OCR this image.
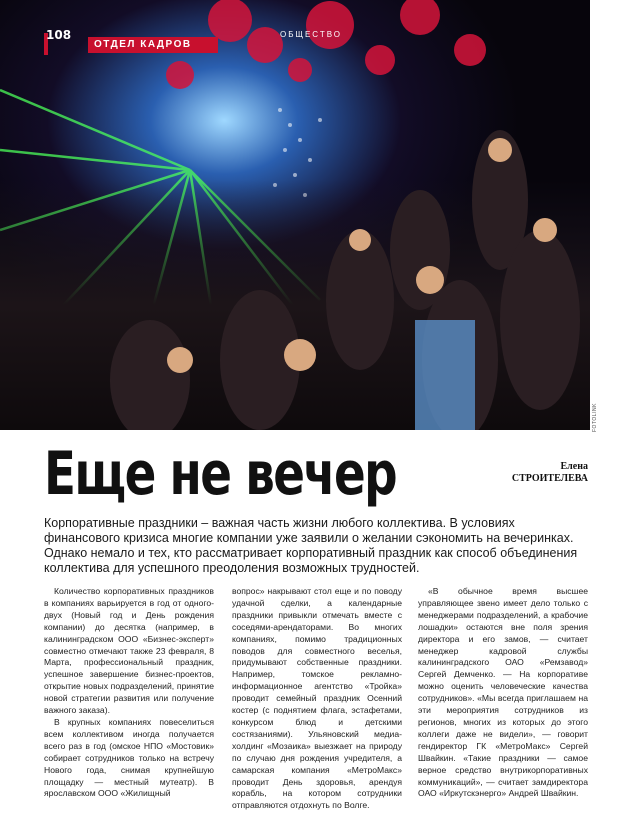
FOTOLINK
108
ОТДЕЛ КАДРОВ
ОБЩЕСТВО
Еще не вечер	Елена
СТРОИТЕЛЕВА
Корпоративные праздники – важная часть жизни любого коллектива. В условиях финансового кризиса многие компании уже заявили о желании сэкономить на вечеринках. Однако немало и тех, кто рассматривает корпоративный праздник как способ объединения коллектива для успешного преодоления возможных трудностей.

Количество корпоративных праздников в компаниях варьируется в год от одного-двух (Новый год и День рождения компании) до десятка (например, в калининградском ООО «Бизнес-эксперт» совместно отмечают также 23 февраля, 8 Марта, профессиональный праздник, успешное завершение бизнес-проектов, открытие новых подразделений, принятие новой стратегии развития или получение важного заказа).

В крупных компаниях повеселиться всем коллективом иногда получается всего раз в год (омское НПО «Мостовик» собирает сотрудников только на встречу Нового года, снимая крупнейшую площадку — местный мутеатр). В ярославском ООО «Жилищный

вопрос» накрывают стол еще и по поводу удачной сделки, а календарные праздники привыкли отмечать вместе с соседями-арендаторами. Во многих компаниях, помимо традиционных поводов для совместного веселья, придумывают собственные праздники. Например, томское рекламно-информационное агентство «Тройка» проводит семейный праздник Осенний костер (с поднятием флага, эстафетами, конкурсом блюд и детскими состязаниями). Ульяновский медиа-холдинг «Мозаика» выезжает на природу по случаю дня рождения учредителя, а самарская компания «МетроМакс» проводит День здоровья, арендуя корабль, на котором сотрудники отправляются отдохнуть по Волге.

«В обычное время высшее управляющее звено имеет дело только с менеджерами подразделений, а крабочие лошадки» остаются вне поля зрения директора и его замов, — считает менеджер кадровой службы калининградского ОАО «Ремзавод» Сергей Демченко. — На корпоративе можно оценить человеческие качества сотрудников». «Мы всегда приглашаем на эти мероприятия сотрудников из регионов, многих из которых до этого коллеги даже не видели», — говорит гендиректор ГК «МетроМакс» Сергей Швайкин. «Такие праздники — самое верное средство внутрикорпоративных коммуникаций», — считает замдиректора ОАО «Иркутскэнерго» Андрей Швайкин.
